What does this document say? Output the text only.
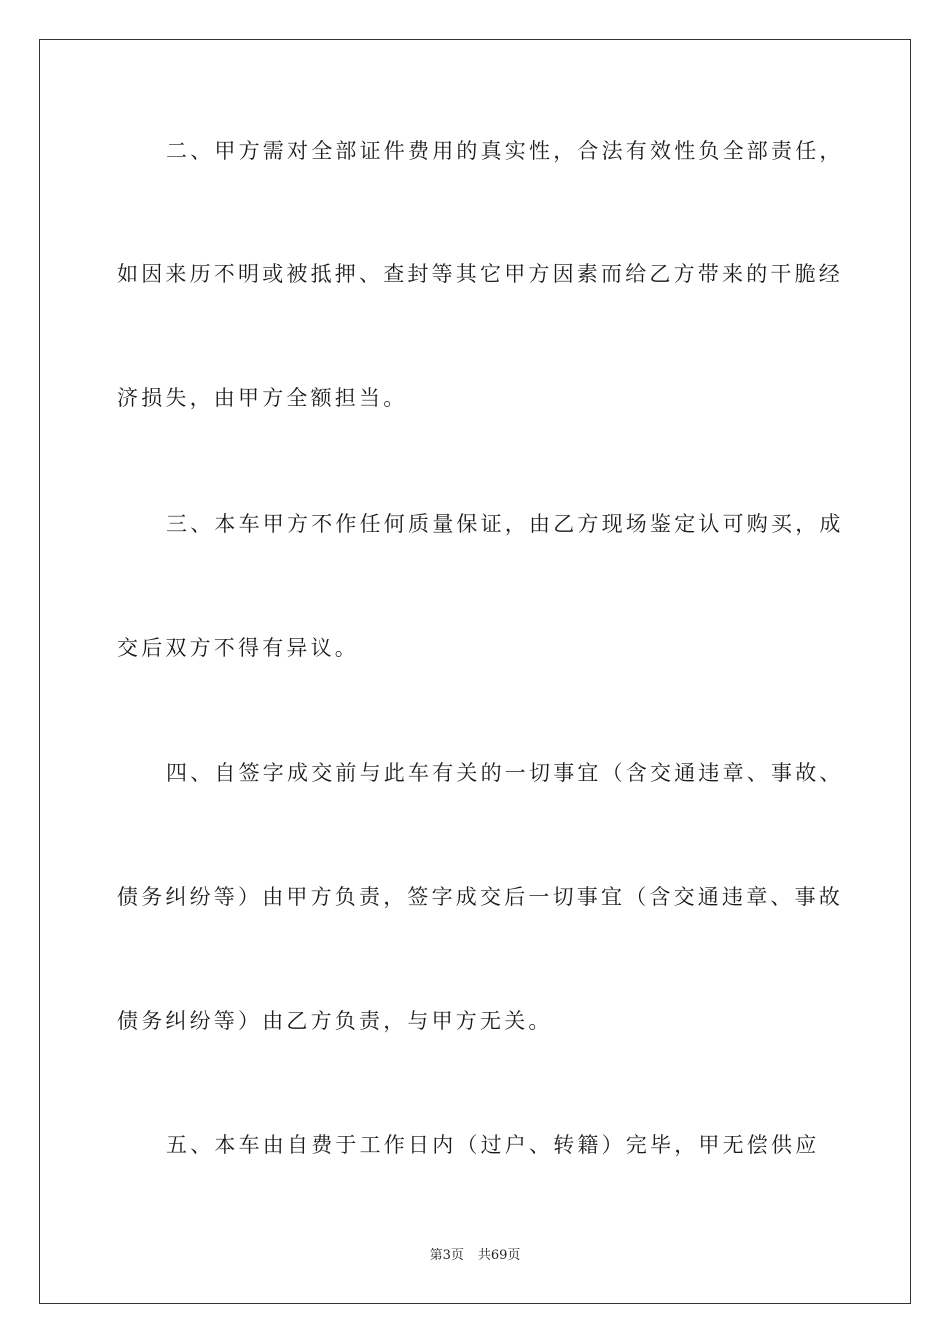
二、甲方需对全部证件费用的真实性，合法有效性负全部责任，
如因来历不明或被抵押、查封等其它甲方因素而给乙方带来的干脆经
济损失，由甲方全额担当。
三、本车甲方不作任何质量保证，由乙方现场鉴定认可购买，成
交后双方不得有异议。
四、自签字成交前与此车有关的一切事宜（含交通违章、事故、
债务纠纷等）由甲方负责，签字成交后一切事宜（含交通违章、事故
债务纠纷等）由乙方负责，与甲方无关。
五、本车由自费于工作日内（过户、转籍）完毕，甲无偿供应
第3页 共69页
